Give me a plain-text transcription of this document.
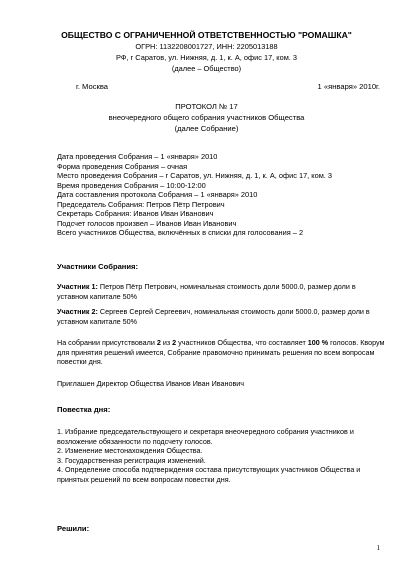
ОБЩЕСТВО С ОГРАНИЧЕННОЙ ОТВЕТСТВЕННОСТЬЮ "РОМАШКА"
ОГРН: 1132208001727, ИНН: 2205013188
РФ, г Саратов, ул. Нижняя, д. 1, к. А, офис 17, ком. 3
(далее – Общество)
г. Москва	1 «января» 2010г.
ПРОТОКОЛ № 17
внеочередного общего собрания участников Общества
(далее Собрание)
Дата проведения Собрания – 1 «января» 2010
Форма проведения Собрания – очная
Место проведения Собрания – г Саратов, ул. Нижняя, д. 1, к. А, офис 17, ком. 3
Время проведения Собрания – 10:00-12:00
Дата составления протокола Собрания – 1 «января» 2010
Председатель Собрания: Петров Пётр Петрович
Секретарь Собрания: Иванов Иван Иванович
Подсчет голосов произвел – Иванов Иван Иванович
Всего участников Общества, включённых в списки для голосования – 2
Участники Собрания:
Участник 1: Петров Пётр Петрович, номинальная стоимость доли 5000.0, размер доли в уставном капитале 50%
Участник 2: Сергеев Сергей Сергеевич, номинальная стоимость доли 5000.0, размер доли в уставном капитале 50%
На собрании присутствовали 2 из 2 участников Общества, что составляет 100 % голосов. Кворум для принятия решений имеется, Собрание правомочно принимать решения по всем вопросам повестки дня.
Приглашен Директор Общества Иванов Иван Иванович
Повестка дня:
1. Избрание председательствующего и секретаря внеочередного собрания участников и возложение обязанности по подсчету голосов.
2. Изменение местонахождения Общества.
3. Государственная регистрация изменений.
4. Определение способа подтверждения состава присутствующих участников Общества и принятых решений по всем вопросам повестки дня.
Решили:
1
